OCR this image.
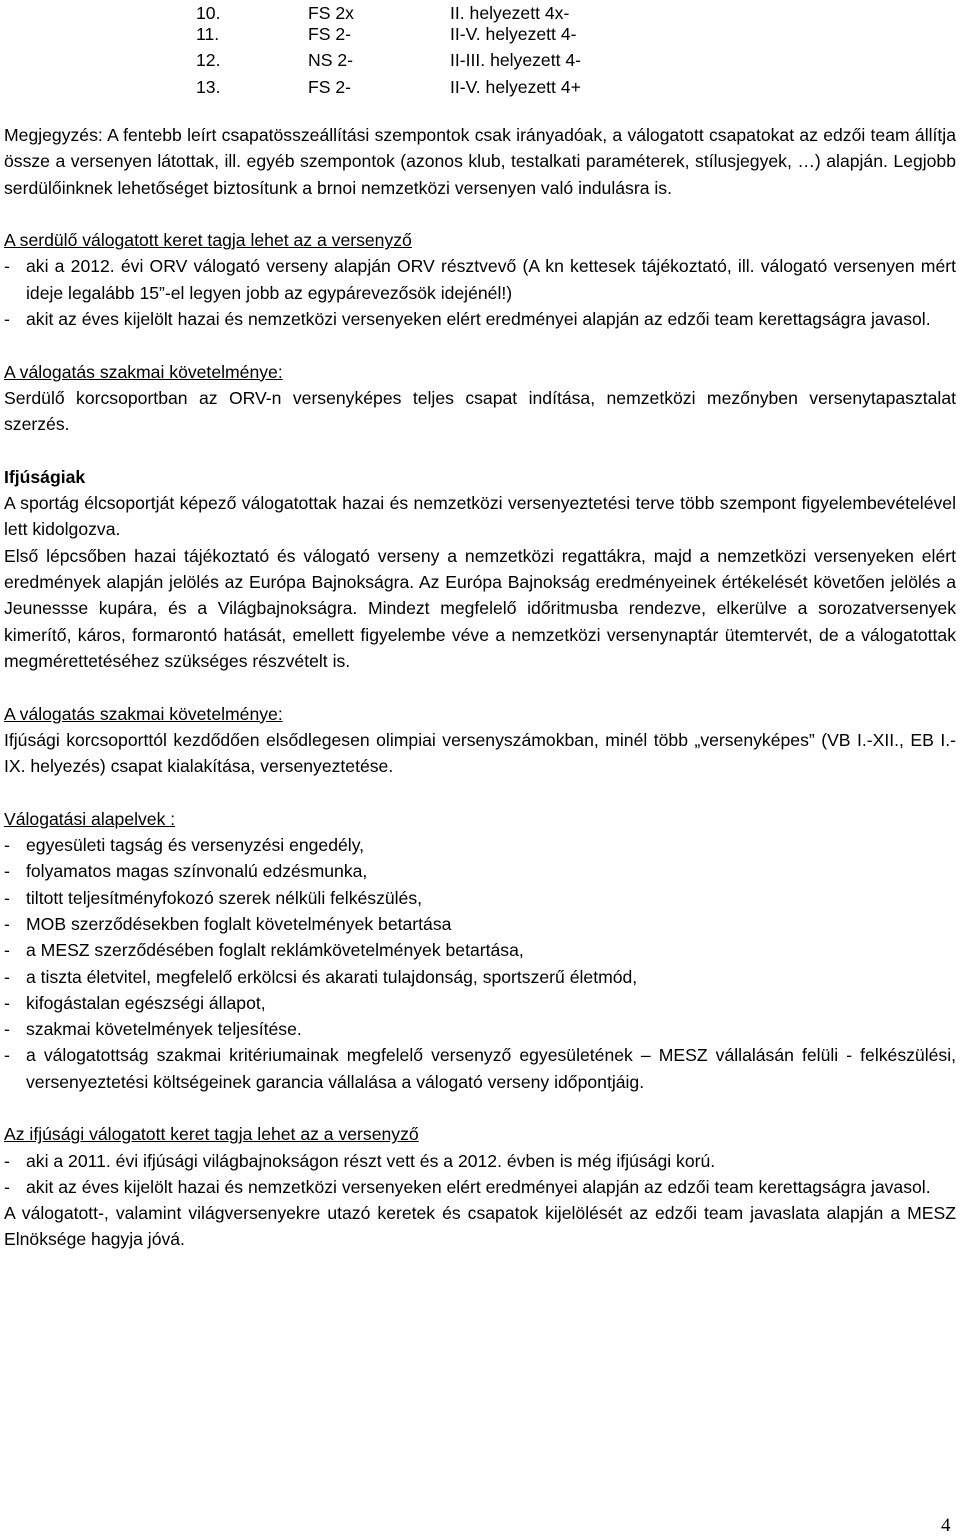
10.	FS 2x	II. helyezett 4x-
11.	FS 2-	II-V. helyezett 4-
12.	NS 2-	II-III. helyezett 4-
13.	FS 2-	II-V. helyezett 4+

Megjegyzés: A fentebb leírt csapatösszeállítási szempontok csak irányadóak, a válogatott csapatokat az edzői team állítja össze a versenyen látottak, ill. egyéb szempontok (azonos klub, testalkati paraméterek, stílusjegyek, …) alapján. Legjobb serdülőinknek lehetőséget biztosítunk a brnoi nemzetközi versenyen való indulásra is.

A serdülő válogatott keret tagja lehet az a versenyző

- aki a 2012. évi ORV válogató verseny alapján ORV résztvevő (A kn kettesek tájékoztató, ill. válogató versenyen mért ideje legalább 15”-el legyen jobb az egypárevezősök idejénél!)

- akit az éves kijelölt hazai és nemzetközi versenyeken elért eredményei alapján az edzői team kerettagságra javasol.

A válogatás szakmai követelménye:

Serdülő korcsoportban az ORV-n versenyképes teljes csapat indítása, nemzetközi mezőnyben versenytapasztalat szerzés.

Ifjúságiak

A sportág élcsoportját képező válogatottak hazai és nemzetközi versenyeztetési terve több szempont figyelembevételével lett kidolgozva.

Első lépcsőben hazai tájékoztató és válogató verseny a nemzetközi regattákra, majd a nemzetközi versenyeken elért eredmények alapján jelölés az Európa Bajnokságra. Az Európa Bajnokság eredményeinek értékelését követően jelölés a Jeunessse kupára, és a Világbajnokságra. Mindezt megfelelő időritmusba rendezve, elkerülve a sorozatversenyek kimerítő, káros, formarontó hatását, emellett figyelembe véve a nemzetközi versenynaptár ütemtervét, de a válogatottak megmérettetéséhez szükséges részvételt is.

A válogatás szakmai követelménye:

Ifjúsági korcsoporttól kezdődően elsődlegesen olimpiai versenyszámokban, minél több „versenyképes” (VB I.-XII., EB I.-IX. helyezés) csapat kialakítása, versenyeztetése.

Válogatási alapelvek :

- egyesületi tagság és versenyzési engedély,

- folyamatos magas színvonalú edzésmunka,

- tiltott teljesítményfokozó szerek nélküli felkészülés,

- MOB szerződésekben foglalt követelmények betartása

- a MESZ szerződésében foglalt reklámkövetelmények betartása,

- a tiszta életvitel, megfelelő erkölcsi és akarati tulajdonság, sportszerű életmód,

- kifogástalan egészségi állapot,

- szakmai követelmények teljesítése.

- a válogatottság szakmai kritériumainak megfelelő versenyző egyesületének – MESZ vállalásán felüli - felkészülési, versenyeztetési költségeinek garancia vállalása a válogató verseny időpontjáig.

Az ifjúsági válogatott keret tagja lehet az a versenyző

- aki a 2011. évi ifjúsági világbajnokságon részt vett és a 2012. évben is még ifjúsági korú.

- akit az éves kijelölt hazai és nemzetközi versenyeken elért eredményei alapján az edzői team kerettagságra javasol.

A válogatott-, valamint világversenyekre utazó keretek és csapatok kijelölését az edzői team javaslata alapján a MESZ Elnöksége hagyja jóvá.

4
